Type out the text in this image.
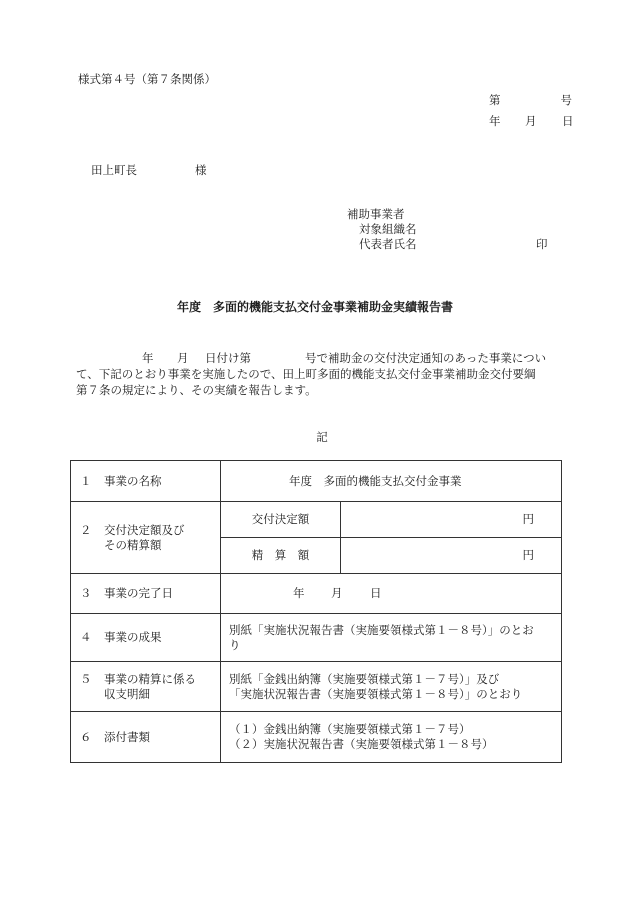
様式第４号（第７条関係）
第	号
年 月 日
田上町長	様
補助事業者
対象組織名
代表者氏名	印
年度　多面的機能支払交付金事業補助金実績報告書
年 月 日付け第	号で補助金の交付決定通知のあった事業につい
て、下記のとおり事業を実施したので、田上町多面的機能支払交付金事業補助金交付要綱
第７条の規定により、その実績を報告します。
記
１ 事業の名称	年度　多面的機能支払交付金事業	
２ 交付決定額及び
その精算額	交付決定額	円
	精　算　額	円
３ 事業の完了日	年 月 日	

４ 事業の成果	別紙「実施状況報告書（実施要領様式第１－８号）」のとお
り	
５ 事業の精算に係る
収支明細	別紙「金銭出納簿（実施要領様式第１－７号）」及び
「実施状況報告書（実施要領様式第１－８号）」のとおり	
６ 添付書類	（１）金銭出納簿（実施要領様式第１－７号）
（２）実施状況報告書（実施要領様式第１－８号）	
